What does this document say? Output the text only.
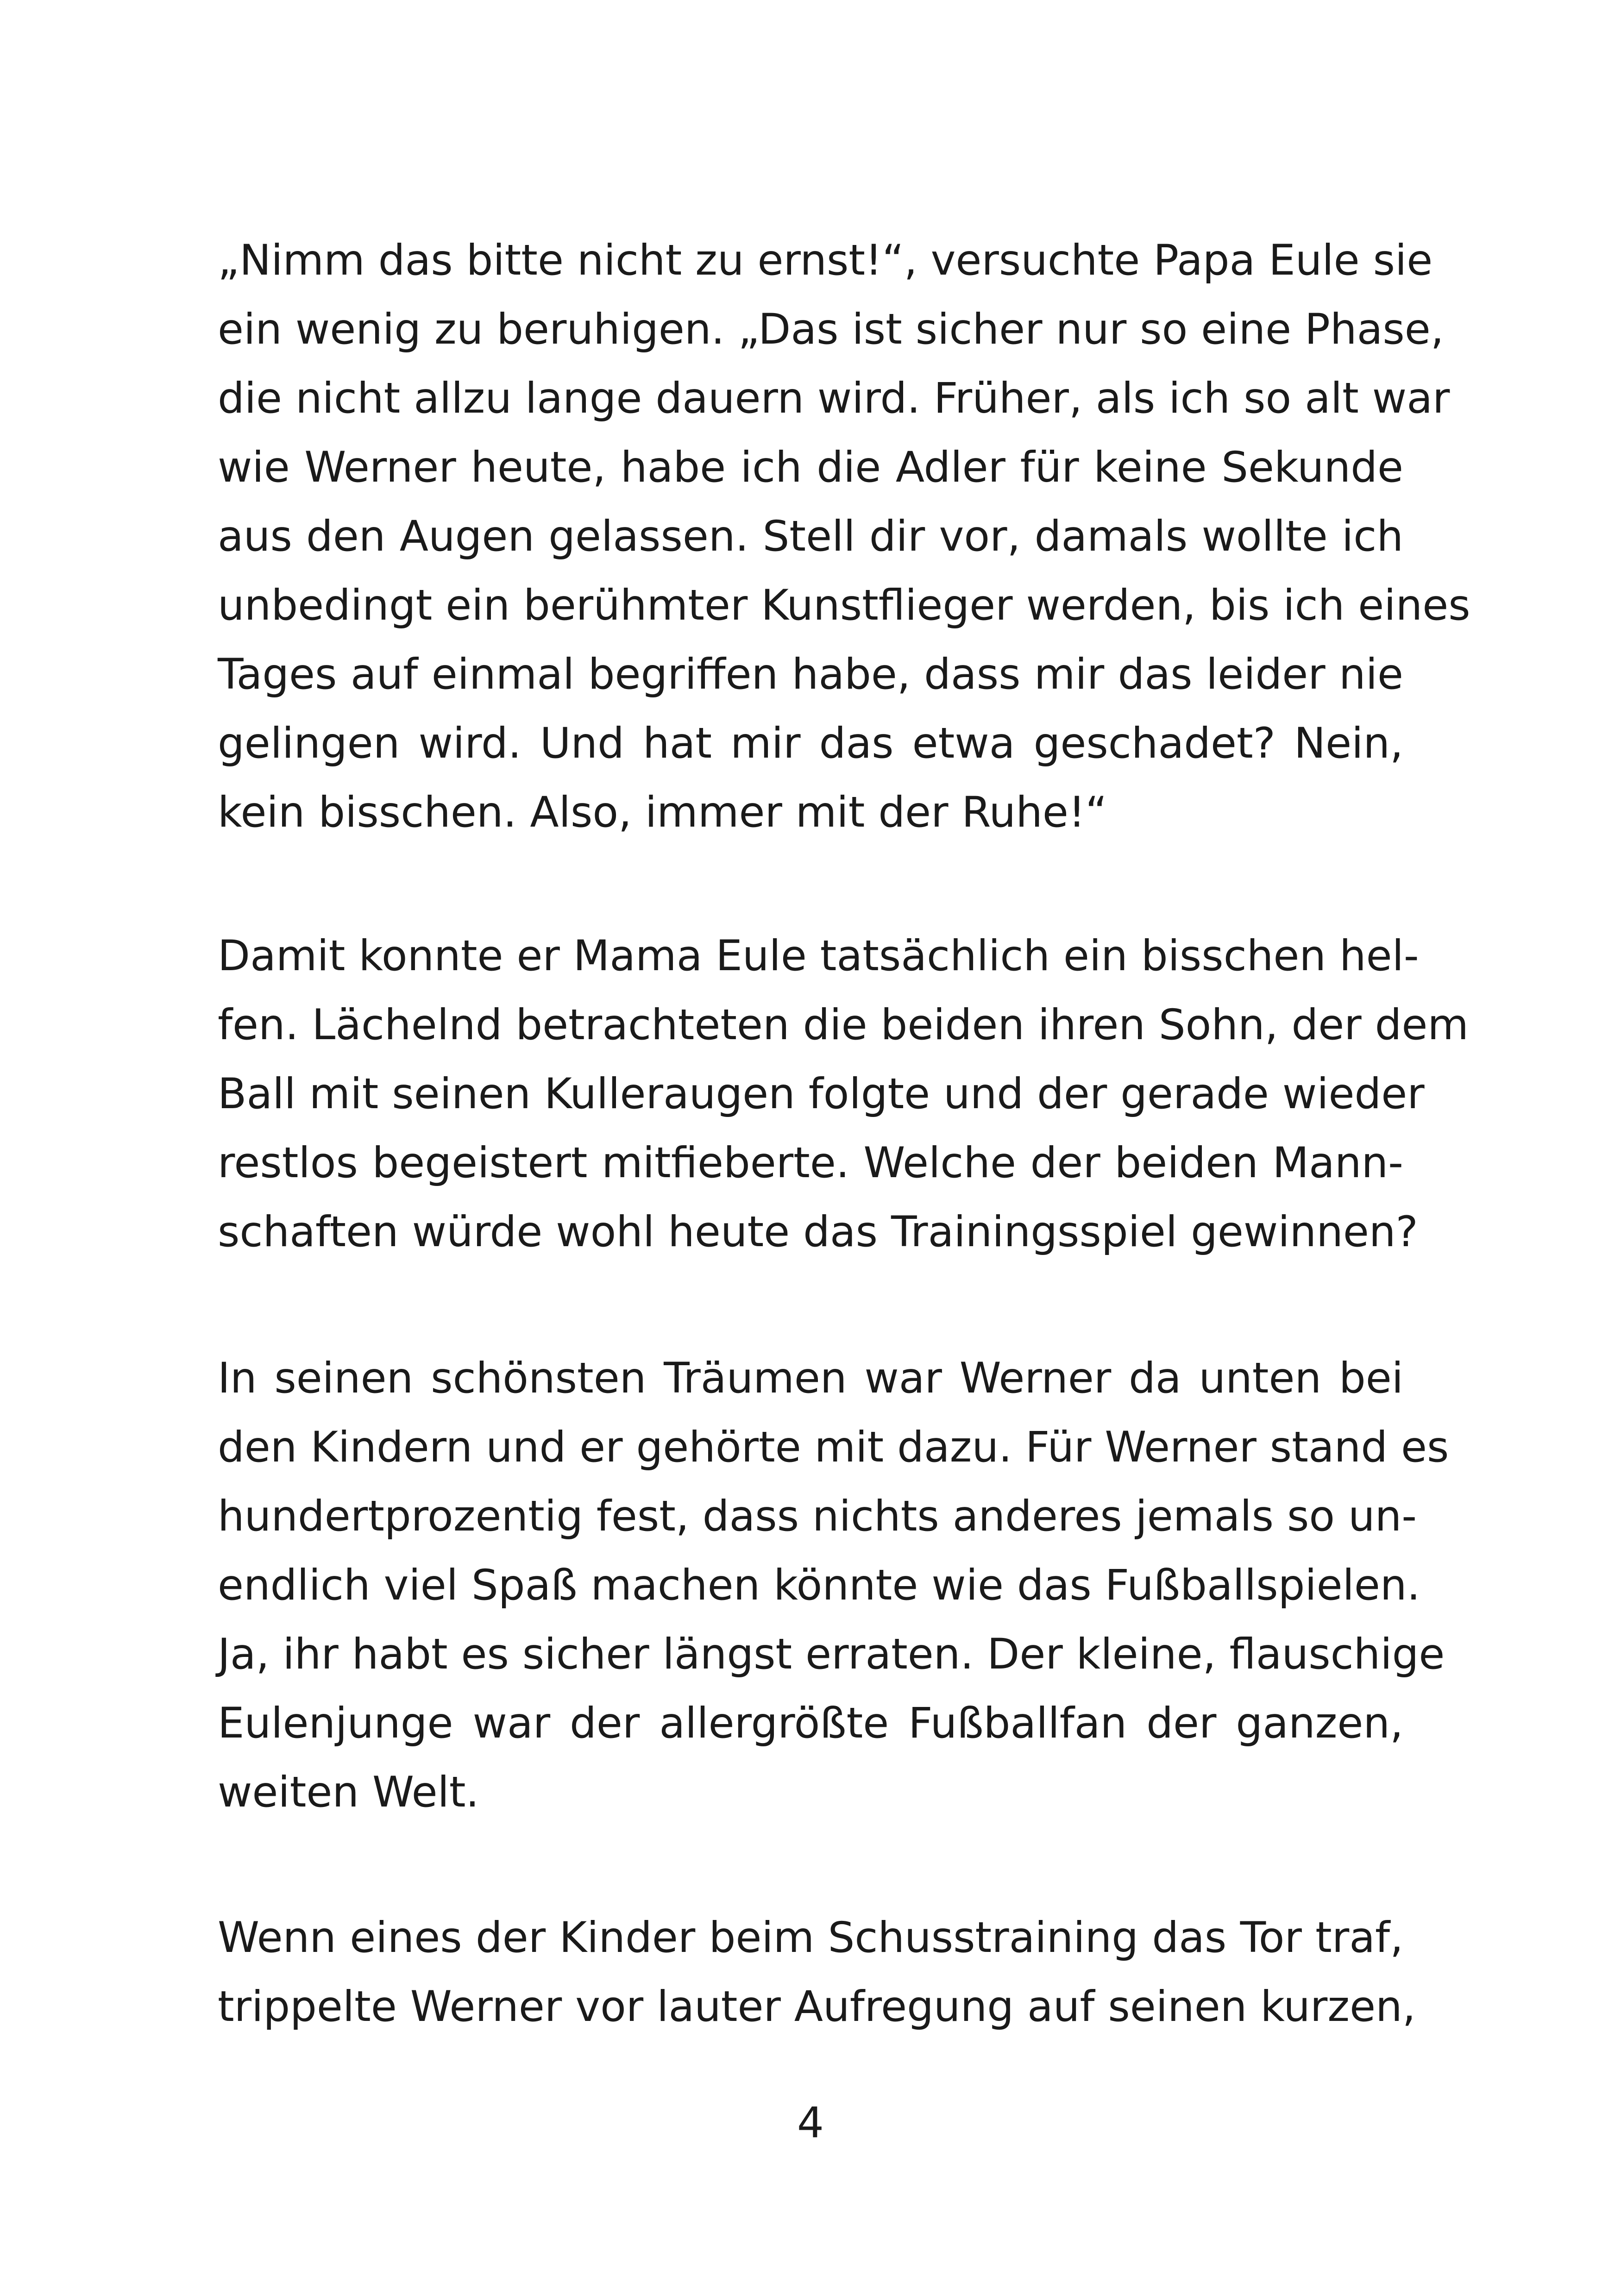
„Nimm das bitte nicht zu ernst!“, versuchte Papa Eule sie
ein wenig zu beruhigen. „Das ist sicher nur so eine Phase,
die nicht allzu lange dauern wird. Früher, als ich so alt war
wie Werner heute, habe ich die Adler für keine Sekunde
aus den Augen gelassen. Stell dir vor, damals wollte ich
unbedingt ein berühmter Kunstflieger werden, bis ich eines
Tages auf einmal begriffen habe, dass mir das leider nie
gelingen wird. Und hat mir das etwa geschadet? Nein,
kein bisschen. Also, immer mit der Ruhe!“
Damit konnte er Mama Eule tatsächlich ein bisschen hel-
fen. Lächelnd betrachteten die beiden ihren Sohn, der dem
Ball mit seinen Kulleraugen folgte und der gerade wieder
restlos begeistert mitfieberte. Welche der beiden Mann-
schaften würde wohl heute das Trainingsspiel gewinnen?
In seinen schönsten Träumen war Werner da unten bei
den Kindern und er gehörte mit dazu. Für Werner stand es
hundertprozentig fest, dass nichts anderes jemals so un-
endlich viel Spaß machen könnte wie das Fußballspielen.
Ja, ihr habt es sicher längst erraten. Der kleine, flauschige
Eulenjunge war der allergrößte Fußballfan der ganzen,
weiten Welt.
Wenn eines der Kinder beim Schusstraining das Tor traf,
trippelte Werner vor lauter Aufregung auf seinen kurzen,
4
